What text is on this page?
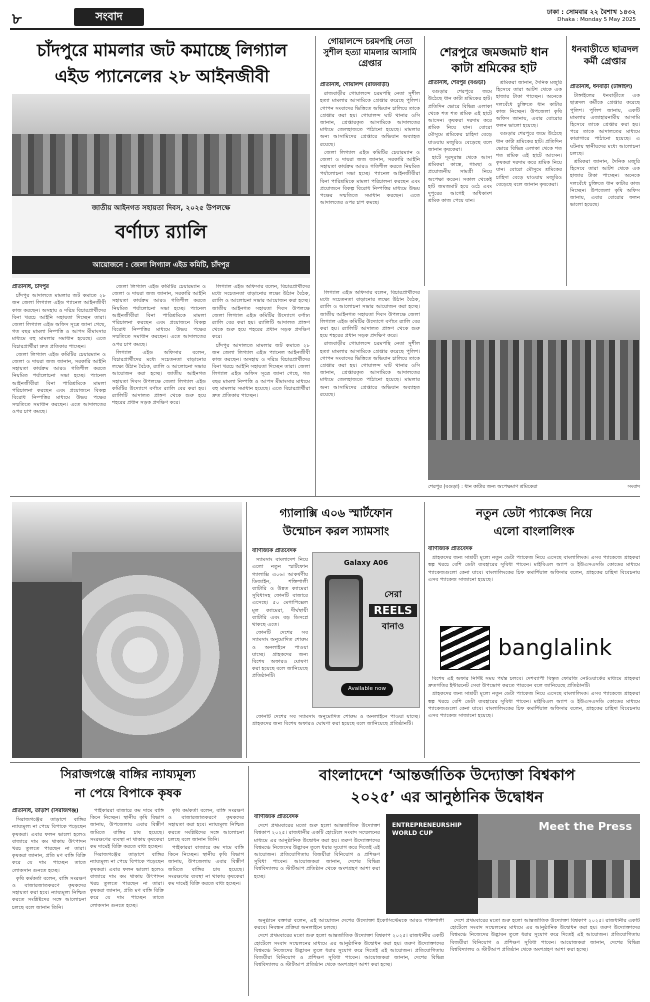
৮	সংবাদ	ঢাকা : সোমবার ২২ বৈশাখ ১৪৩২
Dhaka : Monday 5 May 2025
চাঁদপুরে মামলার জট কমাচ্ছে লিগ্যাল
এইড প্যানেলের ২৮ আইনজীবী
জাতীয় আইনগত সহায়তা দিবস, ২০২৫ উপলক্ষে
বর্ণাঢ্য র‍্যালি
আয়োজনে : জেলা লিগ্যাল এইড কমিটি, চাঁদপুর
প্রতিনিধি, চাঁদপুর

চাঁদপুর আদালতে মামলার জট কমাতে ২৮ জন জেলা লিগ্যাল এইড প্যানেল আইনজীবী কাজ করছেন। অসহায় ও দরিদ্র বিচারপ্রার্থীদের বিনা খরচে আইনি সহায়তা দিচ্ছেন তারা। জেলা লিগ্যাল এইড অফিস সূত্রে জানা গেছে, গত বছর মামলা নিষ্পত্তি ও আপস মীমাংসার মাধ্যমে বহু মামলার সমাধান হয়েছে। এতে বিচারপ্রার্থীরা দ্রুত প্রতিকার পাচ্ছেন।

জেলা লিগ্যাল এইড কমিটির চেয়ারম্যান ও জেলা ও দায়রা জজ জানান, সরকারি আইনি সহায়তা কার্যক্রম আরও গতিশীল করতে নিয়মিত পর্যালোচনা সভা হচ্ছে। প্যানেল আইনজীবীরা বিনা পারিশ্রমিকে মামলা পরিচালনা করছেন এবং প্রয়োজনে বিকল্প বিরোধ নিষ্পত্তির মাধ্যমে উভয় পক্ষের সম্মতিতে সমাধান করছেন। এতে আদালতের ওপর চাপ কমছে।

জেলা লিগ্যাল এইড কমিটির চেয়ারম্যান ও জেলা ও দায়রা জজ জানান, সরকারি আইনি সহায়তা কার্যক্রম আরও গতিশীল করতে নিয়মিত পর্যালোচনা সভা হচ্ছে। প্যানেল আইনজীবীরা বিনা পারিশ্রমিকে মামলা পরিচালনা করছেন এবং প্রয়োজনে বিকল্প বিরোধ নিষ্পত্তির মাধ্যমে উভয় পক্ষের সম্মতিতে সমাধান করছেন। এতে আদালতের ওপর চাপ কমছে।

লিগ্যাল এইড অফিসার বলেন, বিচারপ্রার্থীদের মধ্যে সচেতনতা বাড়ানোর লক্ষ্যে উঠান বৈঠক, র‍্যালি ও আলোচনা সভার আয়োজন করা হচ্ছে। জাতীয় আইনগত সহায়তা দিবস উপলক্ষে জেলা লিগ্যাল এইড কমিটির উদ্যোগে বর্ণাঢ্য র‍্যালি বের করা হয়। র‍্যালিটি আদালত প্রাঙ্গণ থেকে শুরু হয়ে শহরের প্রধান সড়ক প্রদক্ষিণ করে।

লিগ্যাল এইড অফিসার বলেন, বিচারপ্রার্থীদের মধ্যে সচেতনতা বাড়ানোর লক্ষ্যে উঠান বৈঠক, র‍্যালি ও আলোচনা সভার আয়োজন করা হচ্ছে। জাতীয় আইনগত সহায়তা দিবস উপলক্ষে জেলা লিগ্যাল এইড কমিটির উদ্যোগে বর্ণাঢ্য র‍্যালি বের করা হয়। র‍্যালিটি আদালত প্রাঙ্গণ থেকে শুরু হয়ে শহরের প্রধান সড়ক প্রদক্ষিণ করে।

চাঁদপুর আদালতে মামলার জট কমাতে ২৮ জন জেলা লিগ্যাল এইড প্যানেল আইনজীবী কাজ করছেন। অসহায় ও দরিদ্র বিচারপ্রার্থীদের বিনা খরচে আইনি সহায়তা দিচ্ছেন তারা। জেলা লিগ্যাল এইড অফিস সূত্রে জানা গেছে, গত বছর মামলা নিষ্পত্তি ও আপস মীমাংসার মাধ্যমে বহু মামলার সমাধান হয়েছে। এতে বিচারপ্রার্থীরা দ্রুত প্রতিকার পাচ্ছেন।

গোয়ালন্দে চরমপন্থি নেতা সুশীল হত্যা মামলার আসামি গ্রেপ্তার
প্রতিনিধি, গোয়ালন্দ (রাজবাড়ী)

রাজবাড়ীর গোয়ালন্দে চরমপন্থি নেতা সুশীল হত্যা মামলার আসামিকে গ্রেপ্তার করেছে পুলিশ। গোপন সংবাদের ভিত্তিতে অভিযান চালিয়ে তাকে গ্রেপ্তার করা হয়। গোয়ালন্দ ঘাট থানার ওসি জানান, গ্রেপ্তারকৃত আসামিকে আদালতের মাধ্যমে জেলহাজতে পাঠানো হয়েছে। মামলার অন্য আসামিদের গ্রেপ্তারে অভিযান অব্যাহত রয়েছে।

জেলা লিগ্যাল এইড কমিটির চেয়ারম্যান ও জেলা ও দায়রা জজ জানান, সরকারি আইনি সহায়তা কার্যক্রম আরও গতিশীল করতে নিয়মিত পর্যালোচনা সভা হচ্ছে। প্যানেল আইনজীবীরা বিনা পারিশ্রমিকে মামলা পরিচালনা করছেন এবং প্রয়োজনে বিকল্প বিরোধ নিষ্পত্তির মাধ্যমে উভয় পক্ষের সম্মতিতে সমাধান করছেন। এতে আদালতের ওপর চাপ কমছে।

শেরপুরে জমজমাট ধান কাটা শ্রমিকের হাট
প্রতিনিধি, শেরপুর (বগুড়া)

বগুড়ার শেরপুরে জমে উঠেছে ধান কাটা শ্রমিকের হাট। প্রতিদিন ভোরে বিভিন্ন এলাকা থেকে শত শত শ্রমিক এই হাটে আসেন। কৃষকরা দরদাম করে শ্রমিক নিয়ে যান। বোরো মৌসুমে শ্রমিকের চাহিদা বেড়ে যাওয়ায় মজুরিও বেড়েছে বলে জানান কৃষকেরা।

হাটে দূরদূরান্ত থেকে আসা শ্রমিকরা কাস্তে, গামছা ও প্রয়োজনীয় সামগ্রী নিয়ে অপেক্ষা করেন। সকাল থেকেই হাট জমজমাট হয়ে ওঠে এবং দুপুরের আগেই অধিকাংশ শ্রমিক কাজ পেয়ে যান।

শ্রমিকরা জানান, দৈনিক মজুরি হিসেবে তারা আটশ থেকে এক হাজার টাকা পাচ্ছেন। অনেকে দলবেঁধে চুক্তিতে ধান কাটার কাজ নিচ্ছেন। উপজেলা কৃষি অফিস জানায়, এবার বোরোর ফলন ভালো হয়েছে।

বগুড়ার শেরপুরে জমে উঠেছে ধান কাটা শ্রমিকের হাট। প্রতিদিন ভোরে বিভিন্ন এলাকা থেকে শত শত শ্রমিক এই হাটে আসেন। কৃষকরা দরদাম করে শ্রমিক নিয়ে যান। বোরো মৌসুমে শ্রমিকের চাহিদা বেড়ে যাওয়ায় মজুরিও বেড়েছে বলে জানান কৃষকেরা।

ধনবাড়ীতে ছাত্রদল কর্মী গ্রেপ্তার
প্রতিনিধি, ধনবাড়ী (টাঙ্গাইল)

টাঙ্গাইলের ধনবাড়ীতে এক ছাত্রদল কর্মীকে গ্রেপ্তার করেছে পুলিশ। পুলিশ জানায়, একটি মামলার এজাহারনামীয় আসামি হিসেবে তাকে গ্রেপ্তার করা হয়। পরে তাকে আদালতের মাধ্যমে কারাগারে পাঠানো হয়েছে। এ ঘটনায় স্থানীয়দের মধ্যে আলোচনা চলছে।

শ্রমিকরা জানান, দৈনিক মজুরি হিসেবে তারা আটশ থেকে এক হাজার টাকা পাচ্ছেন। অনেকে দলবেঁধে চুক্তিতে ধান কাটার কাজ নিচ্ছেন। উপজেলা কৃষি অফিস জানায়, এবার বোরোর ফলন ভালো হয়েছে।

লিগ্যাল এইড অফিসার বলেন, বিচারপ্রার্থীদের মধ্যে সচেতনতা বাড়ানোর লক্ষ্যে উঠান বৈঠক, র‍্যালি ও আলোচনা সভার আয়োজন করা হচ্ছে। জাতীয় আইনগত সহায়তা দিবস উপলক্ষে জেলা লিগ্যাল এইড কমিটির উদ্যোগে বর্ণাঢ্য র‍্যালি বের করা হয়। র‍্যালিটি আদালত প্রাঙ্গণ থেকে শুরু হয়ে শহরের প্রধান সড়ক প্রদক্ষিণ করে।

রাজবাড়ীর গোয়ালন্দে চরমপন্থি নেতা সুশীল হত্যা মামলার আসামিকে গ্রেপ্তার করেছে পুলিশ। গোপন সংবাদের ভিত্তিতে অভিযান চালিয়ে তাকে গ্রেপ্তার করা হয়। গোয়ালন্দ ঘাট থানার ওসি জানান, গ্রেপ্তারকৃত আসামিকে আদালতের মাধ্যমে জেলহাজতে পাঠানো হয়েছে। মামলার অন্য আসামিদের গ্রেপ্তারে অভিযান অব্যাহত রয়েছে।

শেরপুর (বগুড়া) : ধান কাটার জন্য অপেক্ষমাণ শ্রমিকেরা	সংবাদ
গ্যালাক্সি এ০৬ স্মার্টফোন
উন্মোচন করল স্যামসাং
বাণিজ্যিক প্রতিবেদক

স্যামসাং বাংলাদেশ নিয়ে এলো নতুন স্মার্টফোন গ্যালাক্সি এ০৬। আকর্ষণীয় ডিজাইন, শক্তিশালী ব্যাটারি ও উন্নত ক্যামেরা সুবিধাসহ ফোনটি বাজারে এসেছে। ৫০ মেগাপিক্সেল মূল ক্যামেরা, দীর্ঘস্থায়ী ব্যাটারি এবং বড় ডিসপ্লে থাকছে এতে।

ফোনটি দেশের সব স্যামসাং অনুমোদিত শোরুম ও অনলাইনে পাওয়া যাচ্ছে। গ্রাহকদের জন্য বিশেষ অফারও ঘোষণা করা হয়েছে বলে জানিয়েছে প্রতিষ্ঠানটি।

Galaxy A06
সেরা
REELS
বানাও
Available now

ফোনটি দেশের সব স্যামসাং অনুমোদিত শোরুম ও অনলাইনে পাওয়া যাচ্ছে। গ্রাহকদের জন্য বিশেষ অফারও ঘোষণা করা হয়েছে বলে জানিয়েছে প্রতিষ্ঠানটি।

নতুন ডেটা প্যাকেজ নিয়ে
এলো বাংলালিংক
বাণিজ্যিক প্রতিবেদক

গ্রাহকদের জন্য সাশ্রয়ী মূল্যে নতুন ডেটা প্যাকেজ নিয়ে এসেছে বাংলালিংক। এসব প্যাকেজে গ্রাহকরা স্বল্প খরচে বেশি ডেটা ব্যবহারের সুবিধা পাবেন। মাইবিএল অ্যাপ ও ইউএসএসডি কোডের মাধ্যমে প্যাকেজগুলো কেনা যাবে। বাংলালিংকের চিফ কমার্শিয়াল অফিসার বলেন, গ্রাহকের চাহিদা বিবেচনায় এসব প্যাকেজ সাজানো হয়েছে।

banglalink

বিশেষ এই অফার নির্দিষ্ট সময় পর্যন্ত চলবে। দেশব্যাপী বিস্তৃত ফোরজি নেটওয়ার্কের মাধ্যমে গ্রাহকরা দ্রুতগতির ইন্টারনেট সেবা উপভোগ করতে পারবেন বলে জানিয়েছে প্রতিষ্ঠানটি।

গ্রাহকদের জন্য সাশ্রয়ী মূল্যে নতুন ডেটা প্যাকেজ নিয়ে এসেছে বাংলালিংক। এসব প্যাকেজে গ্রাহকরা স্বল্প খরচে বেশি ডেটা ব্যবহারের সুবিধা পাবেন। মাইবিএল অ্যাপ ও ইউএসএসডি কোডের মাধ্যমে প্যাকেজগুলো কেনা যাবে। বাংলালিংকের চিফ কমার্শিয়াল অফিসার বলেন, গ্রাহকের চাহিদা বিবেচনায় এসব প্যাকেজ সাজানো হয়েছে।

সিরাজগঞ্জে বাঙ্গির ন্যায্যমূল্য
না পেয়ে বিপাকে কৃষক
প্রতিনিধি, তাড়াশ (সিরাজগঞ্জ)

সিরাজগঞ্জের তাড়াশে বাঙ্গির ন্যায্যমূল্য না পেয়ে বিপাকে পড়েছেন কৃষকরা। এবার ফলন ভালো হলেও বাজারে দাম কম থাকায় উৎপাদন খরচ তুলতে পারছেন না তারা। কৃষকরা জানান, প্রতি মণ বাঙ্গি বিক্রি করে যে দাম পাচ্ছেন তাতে লোকসান গুনতে হচ্ছে।

কৃষি কর্মকর্তা বলেন, বাঙ্গি সংরক্ষণ ও বাজারজাতকরণে কৃষকদের সহায়তা করা হবে। ন্যায্যমূল্য নিশ্চিত করতে সংশ্লিষ্টদের সঙ্গে আলোচনা চলছে বলে জানান তিনি।

পাইকাররা বাজারে কম দামে বাঙ্গি কিনে নিচ্ছেন। স্থানীয় কৃষি বিভাগ জানায়, উপজেলায় এবার বিস্তীর্ণ জমিতে বাঙ্গির চাষ হয়েছে। সংরক্ষণের ব্যবস্থা না থাকায় কৃষকেরা কম দামেই বিক্রি করতে বাধ্য হচ্ছেন।

সিরাজগঞ্জের তাড়াশে বাঙ্গির ন্যায্যমূল্য না পেয়ে বিপাকে পড়েছেন কৃষকরা। এবার ফলন ভালো হলেও বাজারে দাম কম থাকায় উৎপাদন খরচ তুলতে পারছেন না তারা। কৃষকরা জানান, প্রতি মণ বাঙ্গি বিক্রি করে যে দাম পাচ্ছেন তাতে লোকসান গুনতে হচ্ছে।

কৃষি কর্মকর্তা বলেন, বাঙ্গি সংরক্ষণ ও বাজারজাতকরণে কৃষকদের সহায়তা করা হবে। ন্যায্যমূল্য নিশ্চিত করতে সংশ্লিষ্টদের সঙ্গে আলোচনা চলছে বলে জানান তিনি।

পাইকাররা বাজারে কম দামে বাঙ্গি কিনে নিচ্ছেন। স্থানীয় কৃষি বিভাগ জানায়, উপজেলায় এবার বিস্তীর্ণ জমিতে বাঙ্গির চাষ হয়েছে। সংরক্ষণের ব্যবস্থা না থাকায় কৃষকেরা কম দামেই বিক্রি করতে বাধ্য হচ্ছেন।

বাংলাদেশে ‘আন্তর্জাতিক উদ্যোক্তা বিশ্বকাপ
২০২৫’ এর আনুষ্ঠানিক উদ্বোধন
বাণিজ্যিক প্রতিবেদক

দেশে প্রথমবারের মতো শুরু হলো আন্তর্জাতিক উদ্যোক্তা বিশ্বকাপ ২০২৫। রাজধানীর একটি হোটেলে সংবাদ সম্মেলনের মাধ্যমে এর আনুষ্ঠানিক উদ্বোধন করা হয়। তরুণ উদ্যোক্তাদের বিশ্বমঞ্চে নিজেদের উদ্ভাবন তুলে ধরার সুযোগ করে দিতেই এই আয়োজন। প্রতিযোগিতায় বিজয়ীরা বিনিয়োগ ও প্রশিক্ষণ সুবিধা পাবেন। আয়োজকরা জানান, দেশের বিভিন্ন বিশ্ববিদ্যালয় ও স্টার্টআপ প্রতিষ্ঠান থেকে অংশগ্রহণ আশা করা হচ্ছে।

ENTREPRENEURSHIP WORLD CUP
Meet the Press

অনুষ্ঠানে বক্তারা বলেন, এই আয়োজন দেশের উদ্যোক্তা ইকোসিস্টেমকে আরও শক্তিশালী করবে। নিবন্ধন প্রক্রিয়া অনলাইনে চলছে।

দেশে প্রথমবারের মতো শুরু হলো আন্তর্জাতিক উদ্যোক্তা বিশ্বকাপ ২০২৫। রাজধানীর একটি হোটেলে সংবাদ সম্মেলনের মাধ্যমে এর আনুষ্ঠানিক উদ্বোধন করা হয়। তরুণ উদ্যোক্তাদের বিশ্বমঞ্চে নিজেদের উদ্ভাবন তুলে ধরার সুযোগ করে দিতেই এই আয়োজন। প্রতিযোগিতায় বিজয়ীরা বিনিয়োগ ও প্রশিক্ষণ সুবিধা পাবেন। আয়োজকরা জানান, দেশের বিভিন্ন বিশ্ববিদ্যালয় ও স্টার্টআপ প্রতিষ্ঠান থেকে অংশগ্রহণ আশা করা হচ্ছে।

দেশে প্রথমবারের মতো শুরু হলো আন্তর্জাতিক উদ্যোক্তা বিশ্বকাপ ২০২৫। রাজধানীর একটি হোটেলে সংবাদ সম্মেলনের মাধ্যমে এর আনুষ্ঠানিক উদ্বোধন করা হয়। তরুণ উদ্যোক্তাদের বিশ্বমঞ্চে নিজেদের উদ্ভাবন তুলে ধরার সুযোগ করে দিতেই এই আয়োজন। প্রতিযোগিতায় বিজয়ীরা বিনিয়োগ ও প্রশিক্ষণ সুবিধা পাবেন। আয়োজকরা জানান, দেশের বিভিন্ন বিশ্ববিদ্যালয় ও স্টার্টআপ প্রতিষ্ঠান থেকে অংশগ্রহণ আশা করা হচ্ছে।
